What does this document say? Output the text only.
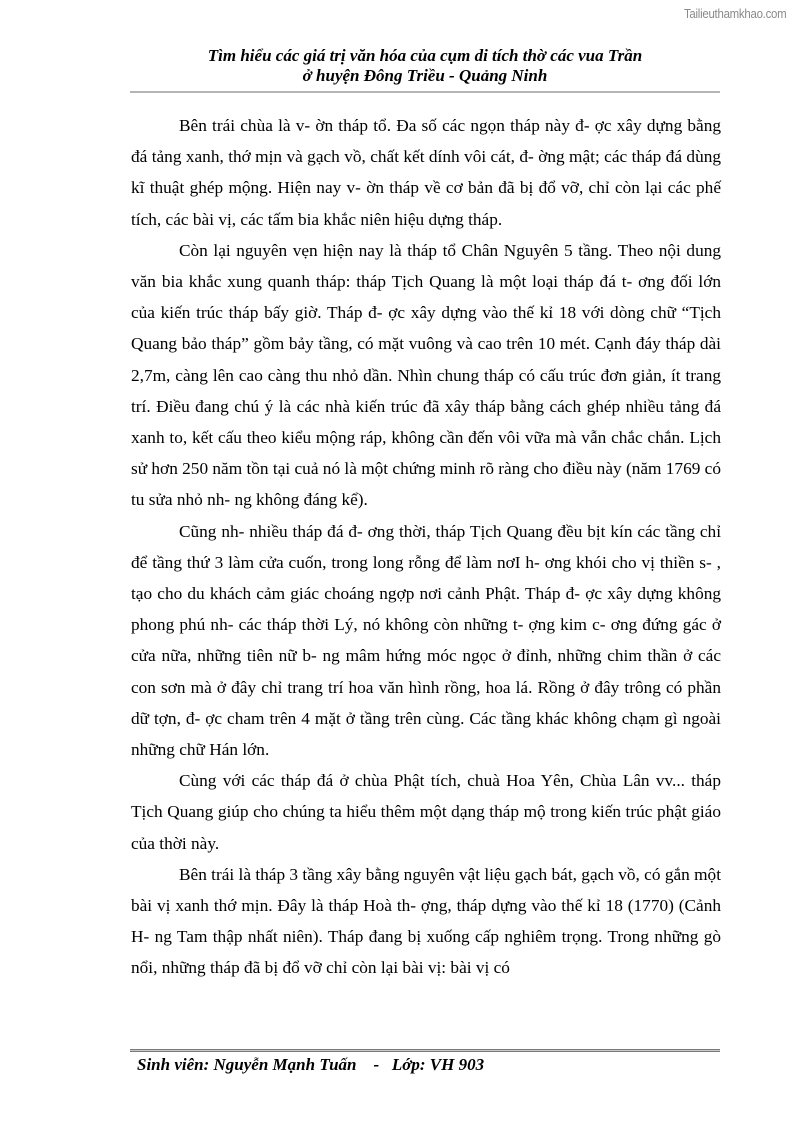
Tailieuthamkhao.com
Tìm hiểu các giá trị văn hóa của cụm di tích thờ các vua Trần
ở huyện Đông Triều - Quảng Ninh

Bên trái chùa là v- ờn tháp tổ. Đa số các ngọn tháp này đ- ợc xây dựng bằng đá tảng xanh, thớ mịn và gạch vồ, chất kết dính vôi cát, đ- ờng mật; các tháp đá dùng kĩ thuật ghép mộng. Hiện nay v- ờn tháp về cơ bản đã bị đổ vỡ, chỉ còn lại các phế tích, các bài vị, các tấm bia khắc niên hiệu dựng tháp.

Còn lại nguyên vẹn hiện nay là tháp tổ Chân Nguyên 5 tầng. Theo nội dung văn bia khắc xung quanh tháp: tháp Tịch Quang là một loại tháp đá t- ơng đối lớn của kiến trúc tháp bấy giờ. Tháp đ- ợc xây dựng vào thế kỉ 18 với dòng chữ “Tịch Quang bảo tháp” gồm bảy tầng, có mặt vuông và cao trên 10 mét. Cạnh đáy tháp dài 2,7m, càng lên cao càng thu nhỏ dần. Nhìn chung tháp có cấu trúc đơn giản, ít trang trí. Điều đang chú ý là các nhà kiến trúc đã xây tháp bằng cách ghép nhiều tảng đá xanh to, kết cấu theo kiểu mộng ráp, không cần đến vôi vữa mà vẫn chắc chắn. Lịch sử hơn 250 năm tồn tại cuả nó là một chứng minh rõ ràng cho điều này (năm 1769 có tu sửa nhỏ nh- ng không đáng kể).

Cũng nh- nhiều tháp đá đ- ơng thời, tháp Tịch Quang đều bịt kín các tầng chỉ để tầng thứ 3 làm cửa cuốn, trong long rỗng để làm nơI h- ơng khói cho vị thiền s- , tạo cho du khách cảm giác choáng ngợp nơi cảnh Phật. Tháp đ- ợc xây dựng không phong phú nh- các tháp thời Lý, nó không còn những t- ợng kim c- ơng đứng gác ở cửa nữa, những tiên nữ b- ng mâm hứng móc ngọc ở đỉnh, những chim thần ở các con sơn mà ở đây chỉ trang trí hoa văn hình rồng, hoa lá. Rồng ở đây trông có phần dữ tợn, đ- ợc cham trên 4 mặt ở tầng trên cùng. Các tầng khác không chạm gì ngoài những chữ Hán lớn.

Cùng với các tháp đá ở chùa Phật tích, chuà Hoa Yên, Chùa Lân vv... tháp Tịch Quang giúp cho chúng ta hiểu thêm một dạng tháp mộ trong kiến trúc phật giáo của thời này.

Bên trái là tháp 3 tầng xây bằng nguyên vật liệu gạch bát, gạch vồ, có gắn một bài vị xanh thớ mịn. Đây là tháp Hoà th- ợng, tháp dựng vào thế kỉ 18 (1770) (Cảnh H- ng Tam thập nhất niên). Tháp đang bị xuống cấp nghiêm trọng. Trong những gò nổi, những tháp đã bị đổ vỡ chỉ còn lại bài vị: bài vị có

Sinh viên: Nguyễn Mạnh Tuấn    -   Lớp: VH 903
